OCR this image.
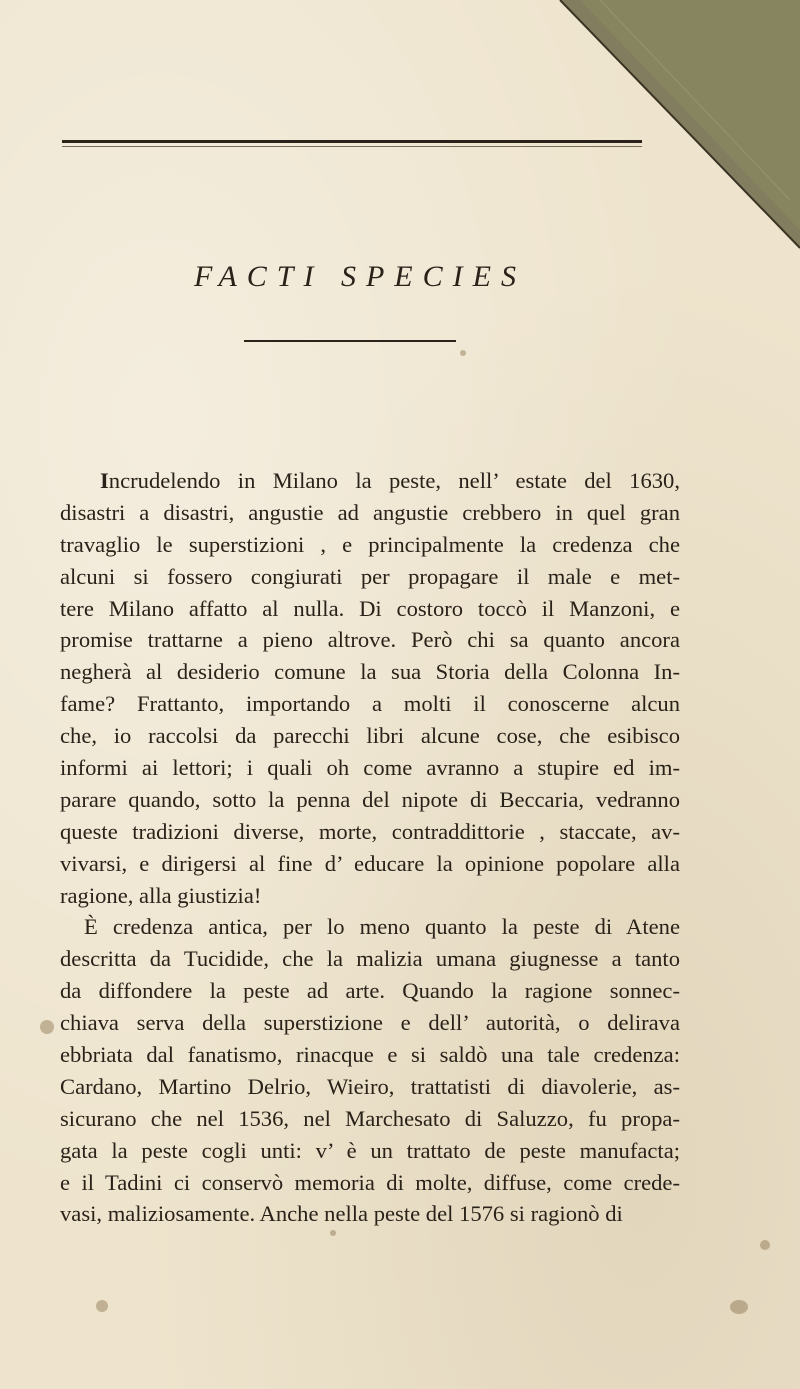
FACTI SPECIES
Incrudelendo in Milano la peste, nell’ estate del 1630,
disastri a disastri, angustie ad angustie crebbero in quel gran
travaglio le superstizioni , e principalmente la credenza che
alcuni si fossero congiurati per propagare il male e met-
tere Milano affatto al nulla. Di costoro toccò il Manzoni, e
promise trattarne a pieno altrove. Però chi sa quanto ancora
negherà al desiderio comune la sua Storia della Colonna In-
fame? Frattanto, importando a molti il conoscerne alcun
che, io raccolsi da parecchi libri alcune cose, che esibisco
informi ai lettori; i quali oh come avranno a stupire ed im-
parare quando, sotto la penna del nipote di Beccaria, vedranno
queste tradizioni diverse, morte, contraddittorie , staccate, av-
vivarsi, e dirigersi al fine d’ educare la opinione popolare alla
ragione, alla giustizia!
È credenza antica, per lo meno quanto la peste di Atene
descritta da Tucidide, che la malizia umana giugnesse a tanto
da diffondere la peste ad arte. Quando la ragione sonnec-
chiava serva della superstizione e dell’ autorità, o delirava
ebbriata dal fanatismo, rinacque e si saldò una tale credenza:
Cardano, Martino Delrio, Wieiro, trattatisti di diavolerie, as-
sicurano che nel 1536, nel Marchesato di Saluzzo, fu propa-
gata la peste cogli unti: v’ è un trattato de peste manufacta;
e il Tadini ci conservò memoria di molte, diffuse, come crede-
vasi, maliziosamente. Anche nella peste del 1576 si ragionò di
